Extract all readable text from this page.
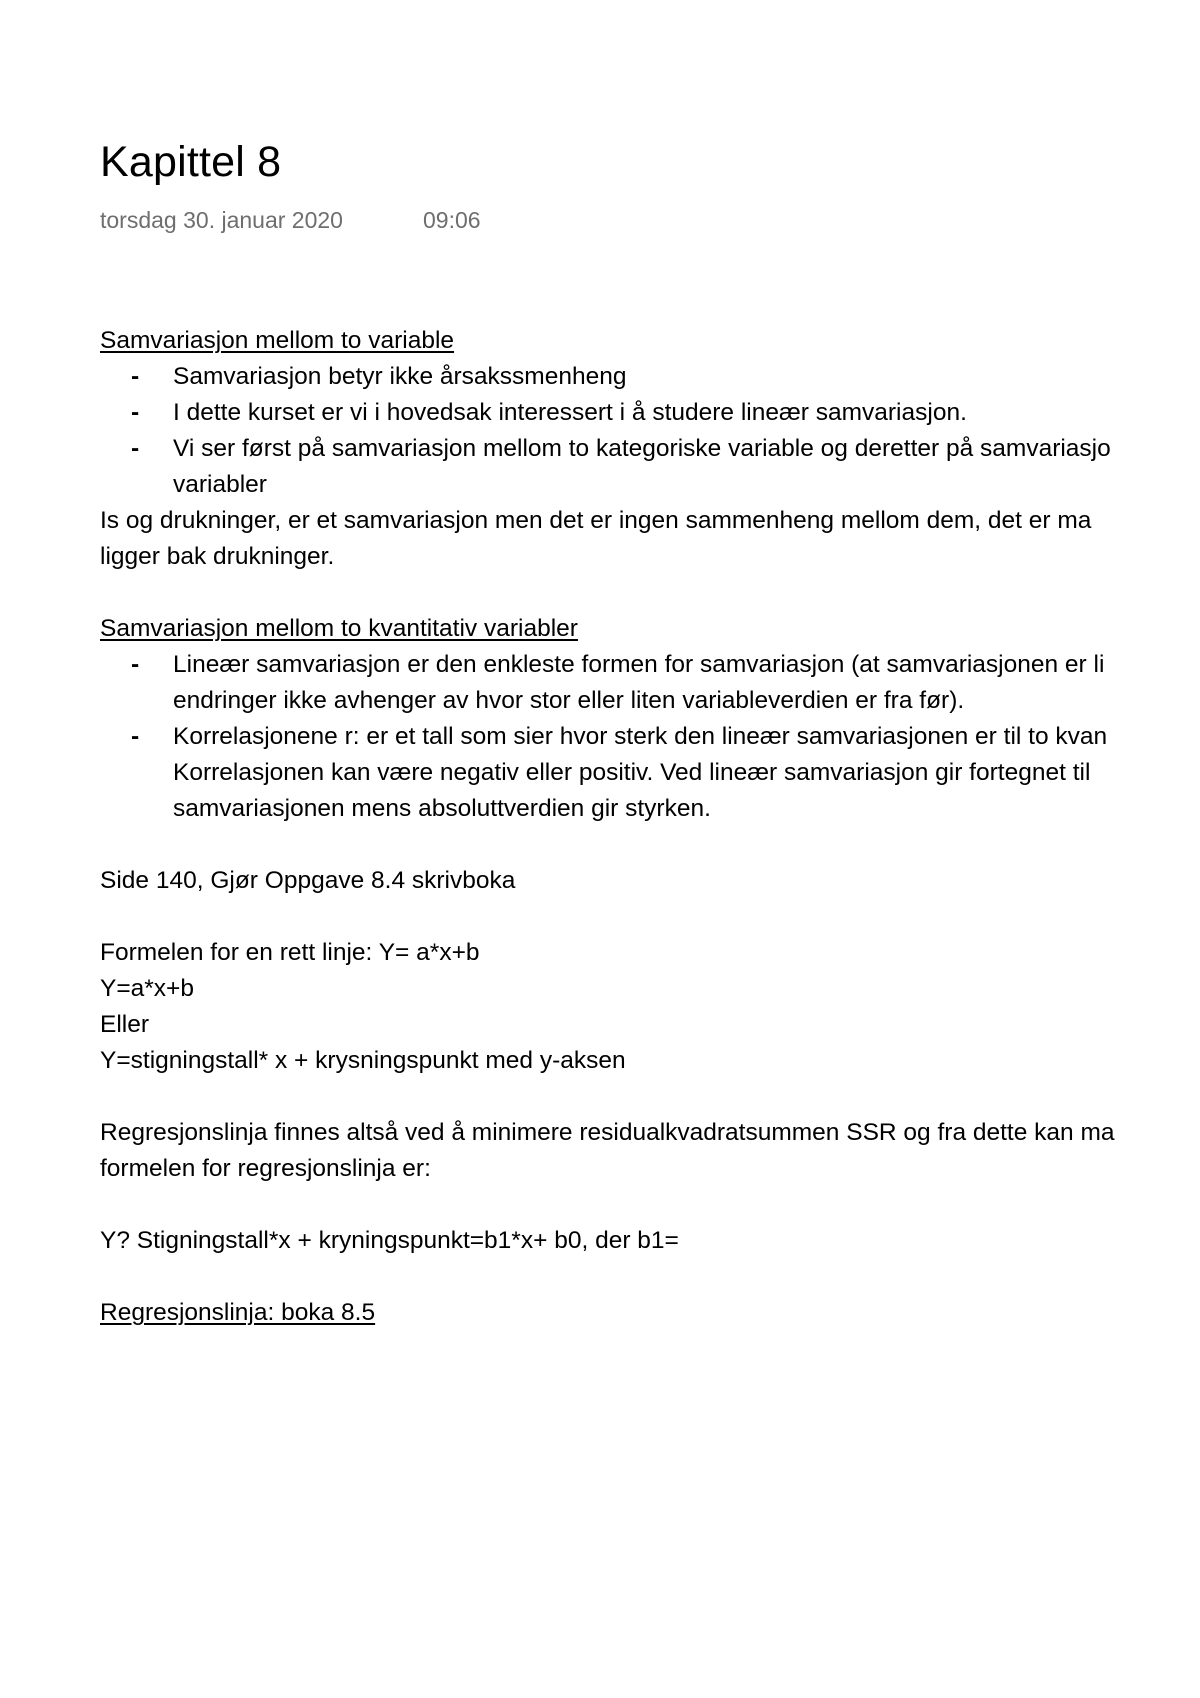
Kapittel 8
torsdag 30. januar 2020	09:06
Samvariasjon mellom to variable
- Samvariasjon betyr ikke årsakssmenheng
- I dette kurset er vi i hovedsak interessert i å studere lineær samvariasjon.
- Vi ser først på samvariasjon mellom to kategoriske variable og deretter på samvariasjo
variabler
Is og drukninger, er et samvariasjon men det er ingen sammenheng mellom dem, det er ma
ligger bak drukninger.
Samvariasjon mellom to kvantitativ variabler
- Lineær samvariasjon er den enkleste formen for samvariasjon (at samvariasjonen er li
endringer ikke avhenger av hvor stor eller liten variableverdien er fra før).
- Korrelasjonene r: er et tall som sier hvor sterk den lineær samvariasjonen er til to kvan
Korrelasjonen kan være negativ eller positiv. Ved lineær samvariasjon gir fortegnet til
samvariasjonen mens absoluttverdien gir styrken.
Side 140, Gjør Oppgave 8.4 skrivboka
Formelen for en rett linje: Y= a*x+b
Y=a*x+b
Eller
Y=stigningstall* x + krysningspunkt med y-aksen
Regresjonslinja finnes altså ved å minimere residualkvadratsummen SSR og fra dette kan ma
formelen for regresjonslinja er:
Y? Stigningstall*x + kryningspunkt=b1*x+ b0, der b1=
Regresjonslinja: boka 8.5
